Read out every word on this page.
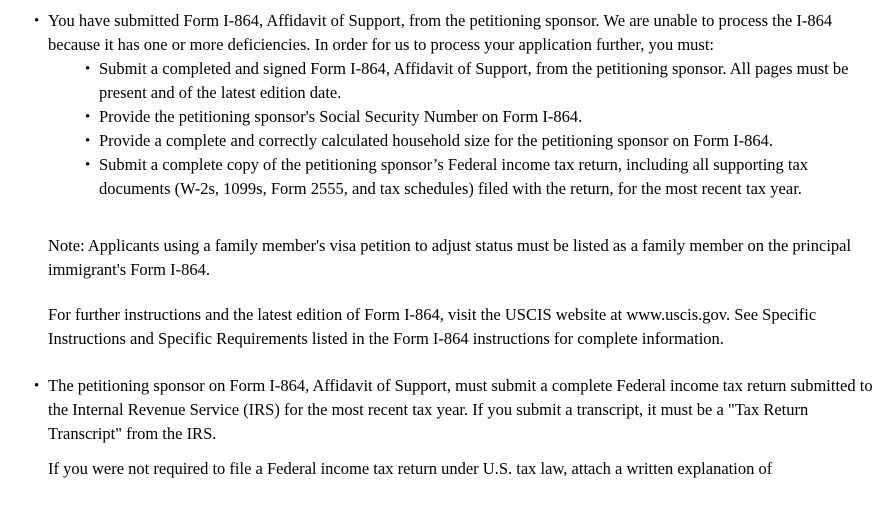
• You have submitted Form I-864, Affidavit of Support, from the petitioning sponsor. We are unable to process the I-864 because it has one or more deficiencies. In order for us to process your application further, you must:

• Submit a completed and signed Form I-864, Affidavit of Support, from the petitioning sponsor. All pages must be present and of the latest edition date.

• Provide the petitioning sponsor's Social Security Number on Form I-864.

• Provide a complete and correctly calculated household size for the petitioning sponsor on Form I-864.

• Submit a complete copy of the petitioning sponsor’s Federal income tax return, including all supporting tax documents (W-2s, 1099s, Form 2555, and tax schedules) filed with the return, for the most recent tax year.

Note: Applicants using a family member's visa petition to adjust status must be listed as a family member on the principal immigrant's Form I-864.

For further instructions and the latest edition of Form I-864, visit the USCIS website at www.uscis.gov. See Specific Instructions and Specific Requirements listed in the Form I-864 instructions for complete information.

• The petitioning sponsor on Form I-864, Affidavit of Support, must submit a complete Federal income tax return submitted to the Internal Revenue Service (IRS) for the most recent tax year. If you submit a transcript, it must be a "Tax Return Transcript" from the IRS.

If you were not required to file a Federal income tax return under U.S. tax law, attach a written explanation of
